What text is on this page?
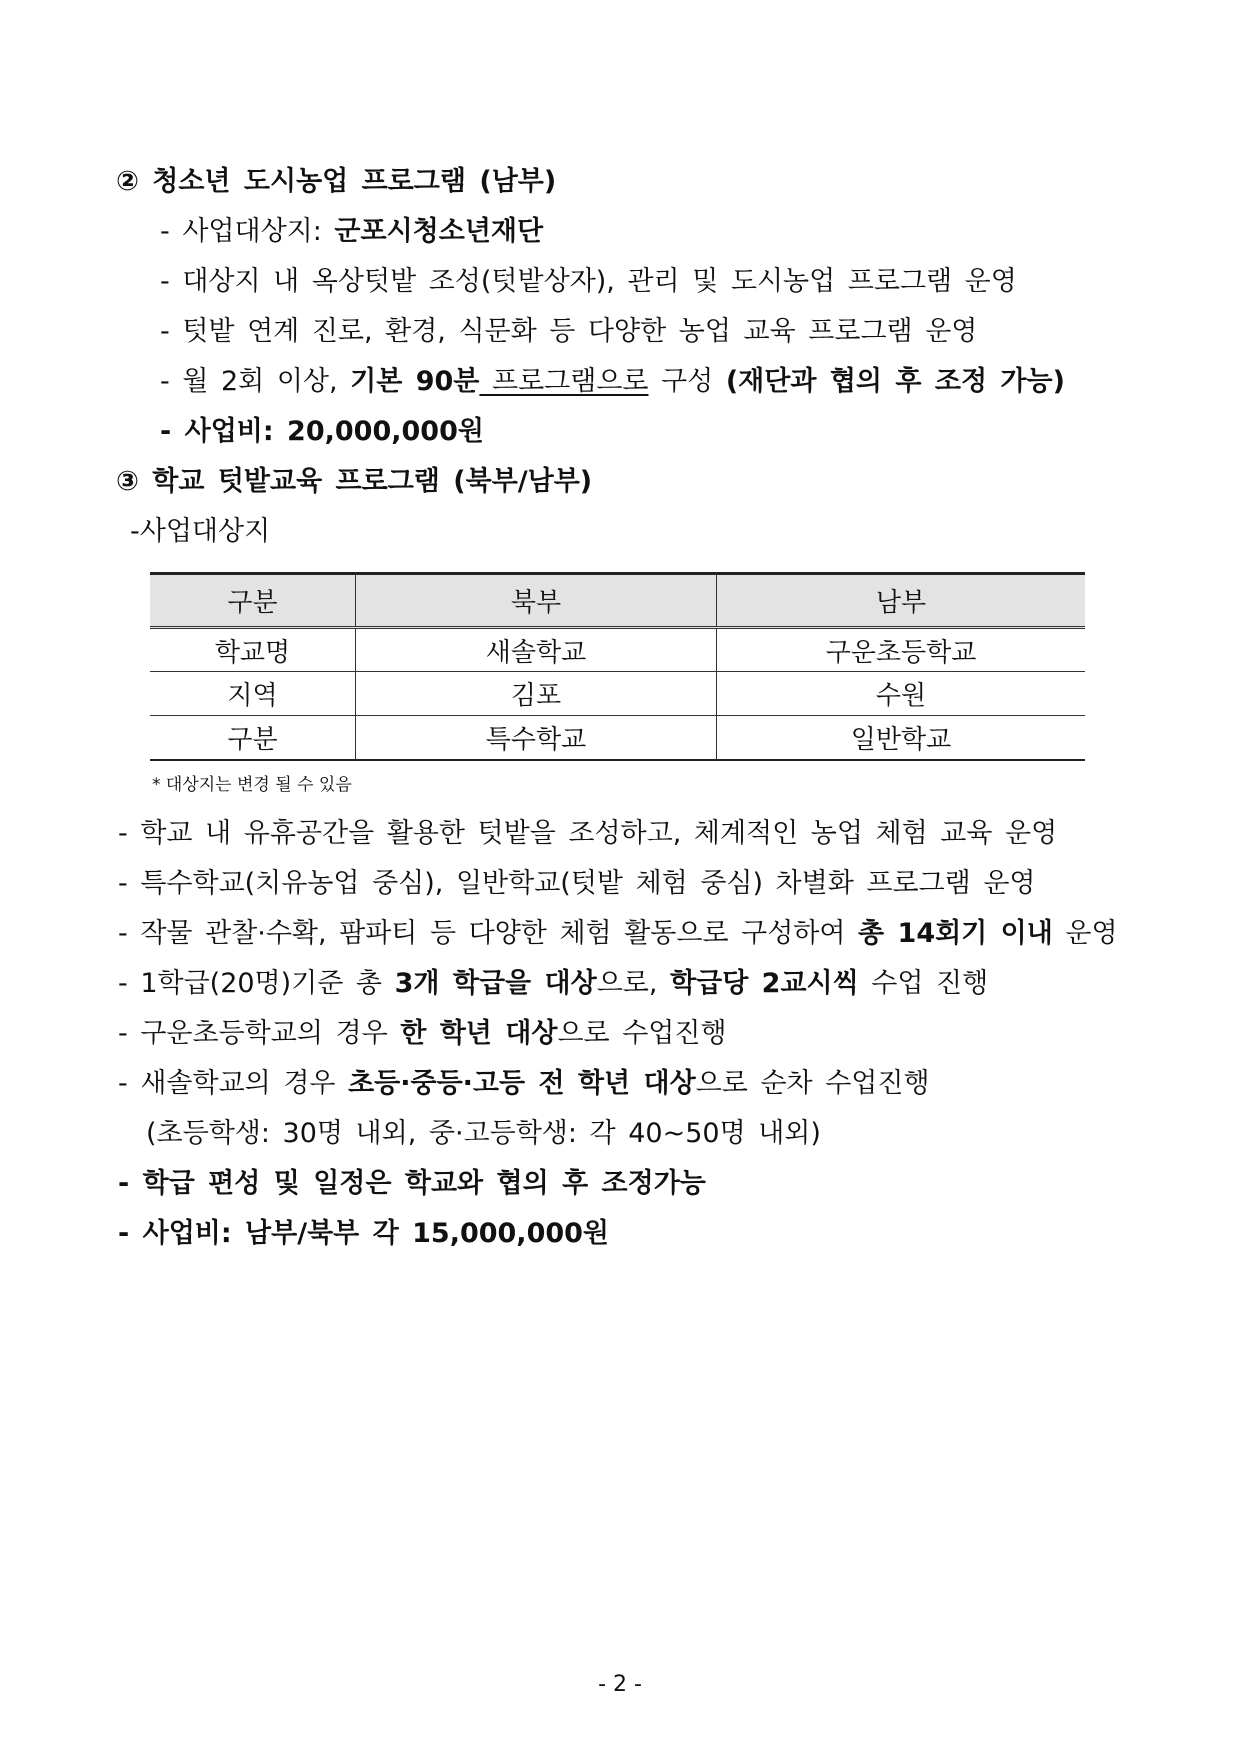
② 청소년 도시농업 프로그램 (남부)
- 사업대상지: 군포시청소년재단
- 대상지 내 옥상텃밭 조성(텃밭상자), 관리 및 도시농업 프로그램 운영
- 텃밭 연계 진로, 환경, 식문화 등 다양한 농업 교육 프로그램 운영
- 월 2회 이상, 기본 90분 프로그램으로 구성 (재단과 협의 후 조정 가능)
- 사업비: 20,000,000원
③ 학교 텃밭교육 프로그램 (북부/남부)
-사업대상지
구분	북부	남부
학교명	새솔학교	구운초등학교
지역	김포	수원
구분	특수학교	일반학교
* 대상지는 변경 될 수 있음
- 학교 내 유휴공간을 활용한 텃밭을 조성하고, 체계적인 농업 체험 교육 운영
- 특수학교(치유농업 중심), 일반학교(텃밭 체험 중심) 차별화 프로그램 운영
- 작물 관찰·수확, 팜파티 등 다양한 체험 활동으로 구성하여 총 14회기 이내 운영
- 1학급(20명)기준 총 3개 학급을 대상으로, 학급당 2교시씩 수업 진행
- 구운초등학교의 경우 한 학년 대상으로 수업진행
- 새솔학교의 경우 초등·중등·고등 전 학년 대상으로 순차 수업진행
(초등학생: 30명 내외, 중·고등학생: 각 40~50명 내외)
- 학급 편성 및 일정은 학교와 협의 후 조정가능
- 사업비: 남부/북부 각 15,000,000원
- 2 -
